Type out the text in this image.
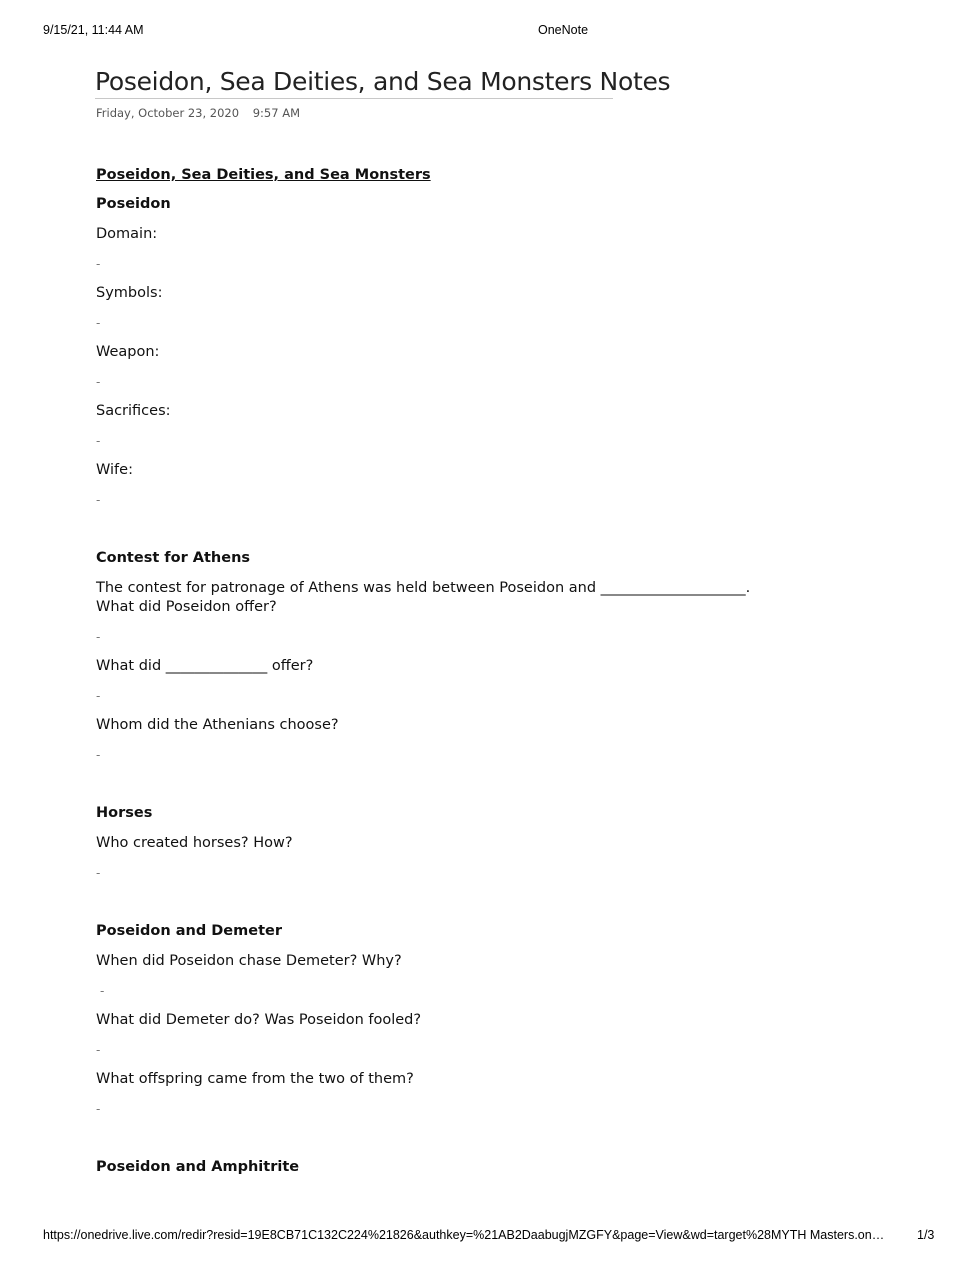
9/15/21, 11:44 AM	OneNote
Poseidon, Sea Deities, and Sea Monsters Notes
Friday, October 23, 2020 9:57 AM
Poseidon, Sea Deities, and Sea Monsters
Poseidon
Domain:
-
Symbols:
-
Weapon:
-
Sacrifices:
-
Wife:
-
Contest for Athens
The contest for patronage of Athens was held between Poseidon and ____________________.
What did Poseidon offer?
-
What did ______________ offer?
-
Whom did the Athenians choose?
-
Horses
Who created horses? How?
-
Poseidon and Demeter
When did Poseidon chase Demeter? Why?
-
What did Demeter do? Was Poseidon fooled?
-
What offspring came from the two of them?
-
Poseidon and Amphitrite
https://onedrive.live.com/redir?resid=19E8CB71C132C224%21826&authkey=%21AB2DaabugjMZGFY&page=View&wd=target%28MYTH Masters.on…	1/3
